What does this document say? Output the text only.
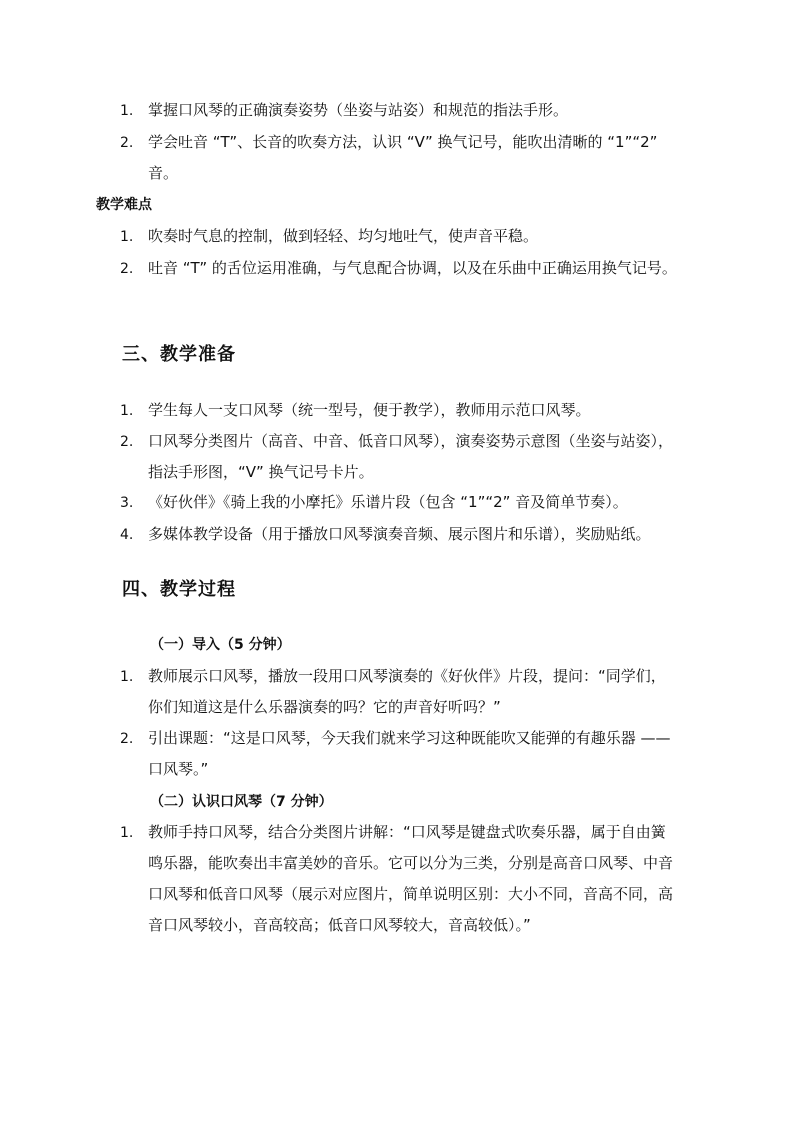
1. 掌握口风琴的正确演奏姿势（坐姿与站姿）和规范的指法手形。
2. 学会吐音 “T”、长音的吹奏方法，认识 “V” 换气记号，能吹出清晰的 “1”“2” 音。
教学难点
1. 吹奏时气息的控制，做到轻轻、均匀地吐气，使声音平稳。
2. 吐音 “T” 的舌位运用准确，与气息配合协调，以及在乐曲中正确运用换气记号。
三、教学准备
1. 学生每人一支口风琴（统一型号，便于教学），教师用示范口风琴。
2. 口风琴分类图片（高音、中音、低音口风琴），演奏姿势示意图（坐姿与站姿），指法手形图，“V” 换气记号卡片。
3. 《好伙伴》《骑上我的小摩托》乐谱片段（包含 “1”“2” 音及简单节奏）。
4. 多媒体教学设备（用于播放口风琴演奏音频、展示图片和乐谱），奖励贴纸。
四、教学过程
（一）导入（5 分钟）
1. 教师展示口风琴，播放一段用口风琴演奏的《好伙伴》片段，提问：“同学们，你们知道这是什么乐器演奏的吗？它的声音好听吗？”
2. 引出课题：“这是口风琴，今天我们就来学习这种既能吹又能弹的有趣乐器 —— 口风琴。”
（二）认识口风琴（7 分钟）
1. 教师手持口风琴，结合分类图片讲解：“口风琴是键盘式吹奏乐器，属于自由簧鸣乐器，能吹奏出丰富美妙的音乐。它可以分为三类，分别是高音口风琴、中音口风琴和低音口风琴（展示对应图片，简单说明区别：大小不同，音高不同，高音口风琴较小，音高较高；低音口风琴较大，音高较低）。”
